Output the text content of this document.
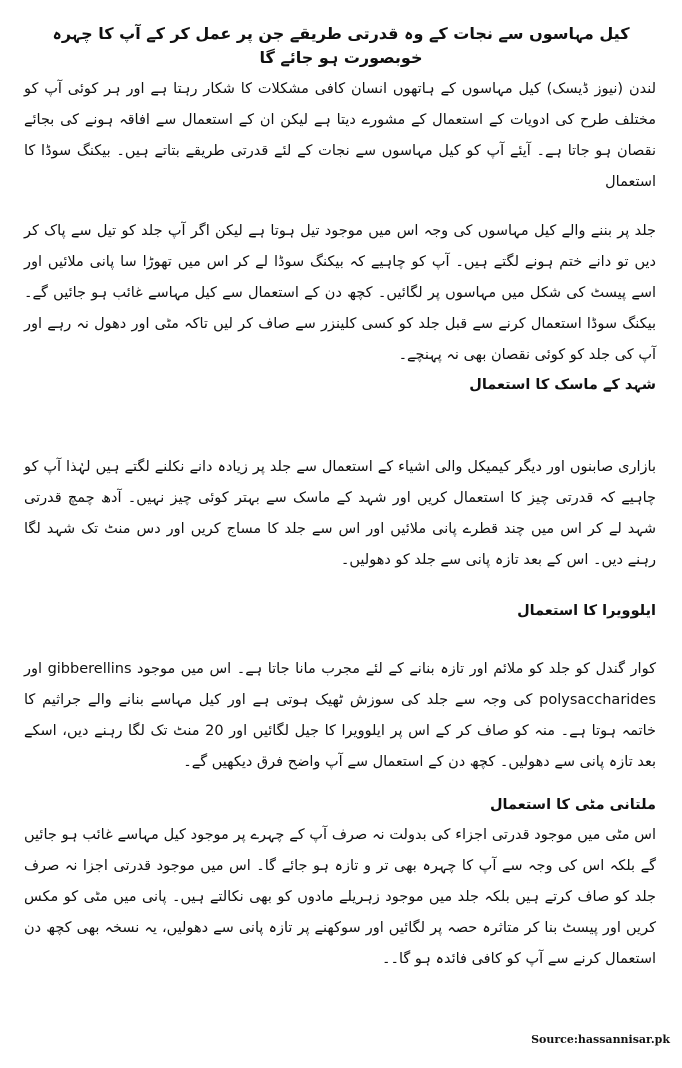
کیل مہاسوں سے نجات کے وہ قدرتی طریقے جن پر عمل کر کے آپ کا چہرہ خوبصورت ہو جائے گا

لندن (نیوز ڈیسک) کیل مہاسوں کے ہاتھوں انسان کافی مشکلات کا شکار رہتا ہے اور ہر کوئی آپ کو مختلف طرح کی ادویات کے استعمال کے مشورے دیتا ہے لیکن ان کے استعمال سے افاقہ ہونے کی بجائے نقصان ہو جاتا ہے۔ آیئے آپ کو کیل مہاسوں سے نجات کے لئے قدرتی طریقے بتاتے ہیں۔ بیکنگ سوڈا کا استعمال

جلد پر بننے والے کیل مہاسوں کی وجہ اس میں موجود تیل ہوتا ہے لیکن اگر آپ جلد کو تیل سے پاک کر دیں تو دانے ختم ہونے لگتے ہیں۔ آپ کو چاہیے کہ بیکنگ سوڈا لے کر اس میں تھوڑا سا پانی ملائیں اور اسے پیسٹ کی شکل میں مہاسوں پر لگائیں۔ کچھ دن کے استعمال سے کیل مہاسے غائب ہو جائیں گے۔ بیکنگ سوڈا استعمال کرنے سے قبل جلد کو کسی کلینزر سے صاف کر لیں تاکہ مٹی اور دھول نہ رہے اور آپ کی جلد کو کوئی نقصان بھی نہ پہنچے۔

شہد کے ماسک کا استعمال

بازاری صابنوں اور دیگر کیمیکل والی اشیاء کے استعمال سے جلد پر زیادہ دانے نکلنے لگتے ہیں لہٰذا آپ کو چاہیے کہ قدرتی چیز کا استعمال کریں اور شہد کے ماسک سے بہتر کوئی چیز نہیں۔ آدھ چمچ قدرتی شہد لے کر اس میں چند قطرے پانی ملائیں اور اس سے جلد کا مساج کریں اور دس منٹ تک شہد لگا رہنے دیں۔ اس کے بعد تازہ پانی سے جلد کو دھولیں۔

ایلوویرا کا استعمال

کوار گندل کو جلد کو ملائم اور تازہ بنانے کے لئے مجرب مانا جاتا ہے۔ اس میں موجود gibberellins اور polysaccharides کی وجہ سے جلد کی سوزش ٹھیک ہوتی ہے اور کیل مہاسے بنانے والے جراثیم کا خاتمہ ہوتا ہے۔ منہ کو صاف کر کے اس پر ایلوویرا کا جیل لگائیں اور 20 منٹ تک لگا رہنے دیں، اسکے بعد تازہ پانی سے دھولیں۔ کچھ دن کے استعمال سے آپ واضح فرق دیکھیں گے۔

ملتانی مٹی کا استعمال

اس مٹی میں موجود قدرتی اجزاء کی بدولت نہ صرف آپ کے چہرے پر موجود کیل مہاسے غائب ہو جائیں گے بلکہ اس کی وجہ سے آپ کا چہرہ بھی تر و تازہ ہو جائے گا۔ اس میں موجود قدرتی اجزا نہ صرف جلد کو صاف کرتے ہیں بلکہ جلد میں موجود زہریلے مادوں کو بھی نکالتے ہیں۔ پانی میں مٹی کو مکس کریں اور پیسٹ بنا کر متاثرہ حصہ پر لگائیں اور سوکھنے پر تازہ پانی سے دھولیں، یہ نسخہ بھی کچھ دن استعمال کرنے سے آپ کو کافی فائدہ ہو گا۔۔

Source:hassannisar.pk
